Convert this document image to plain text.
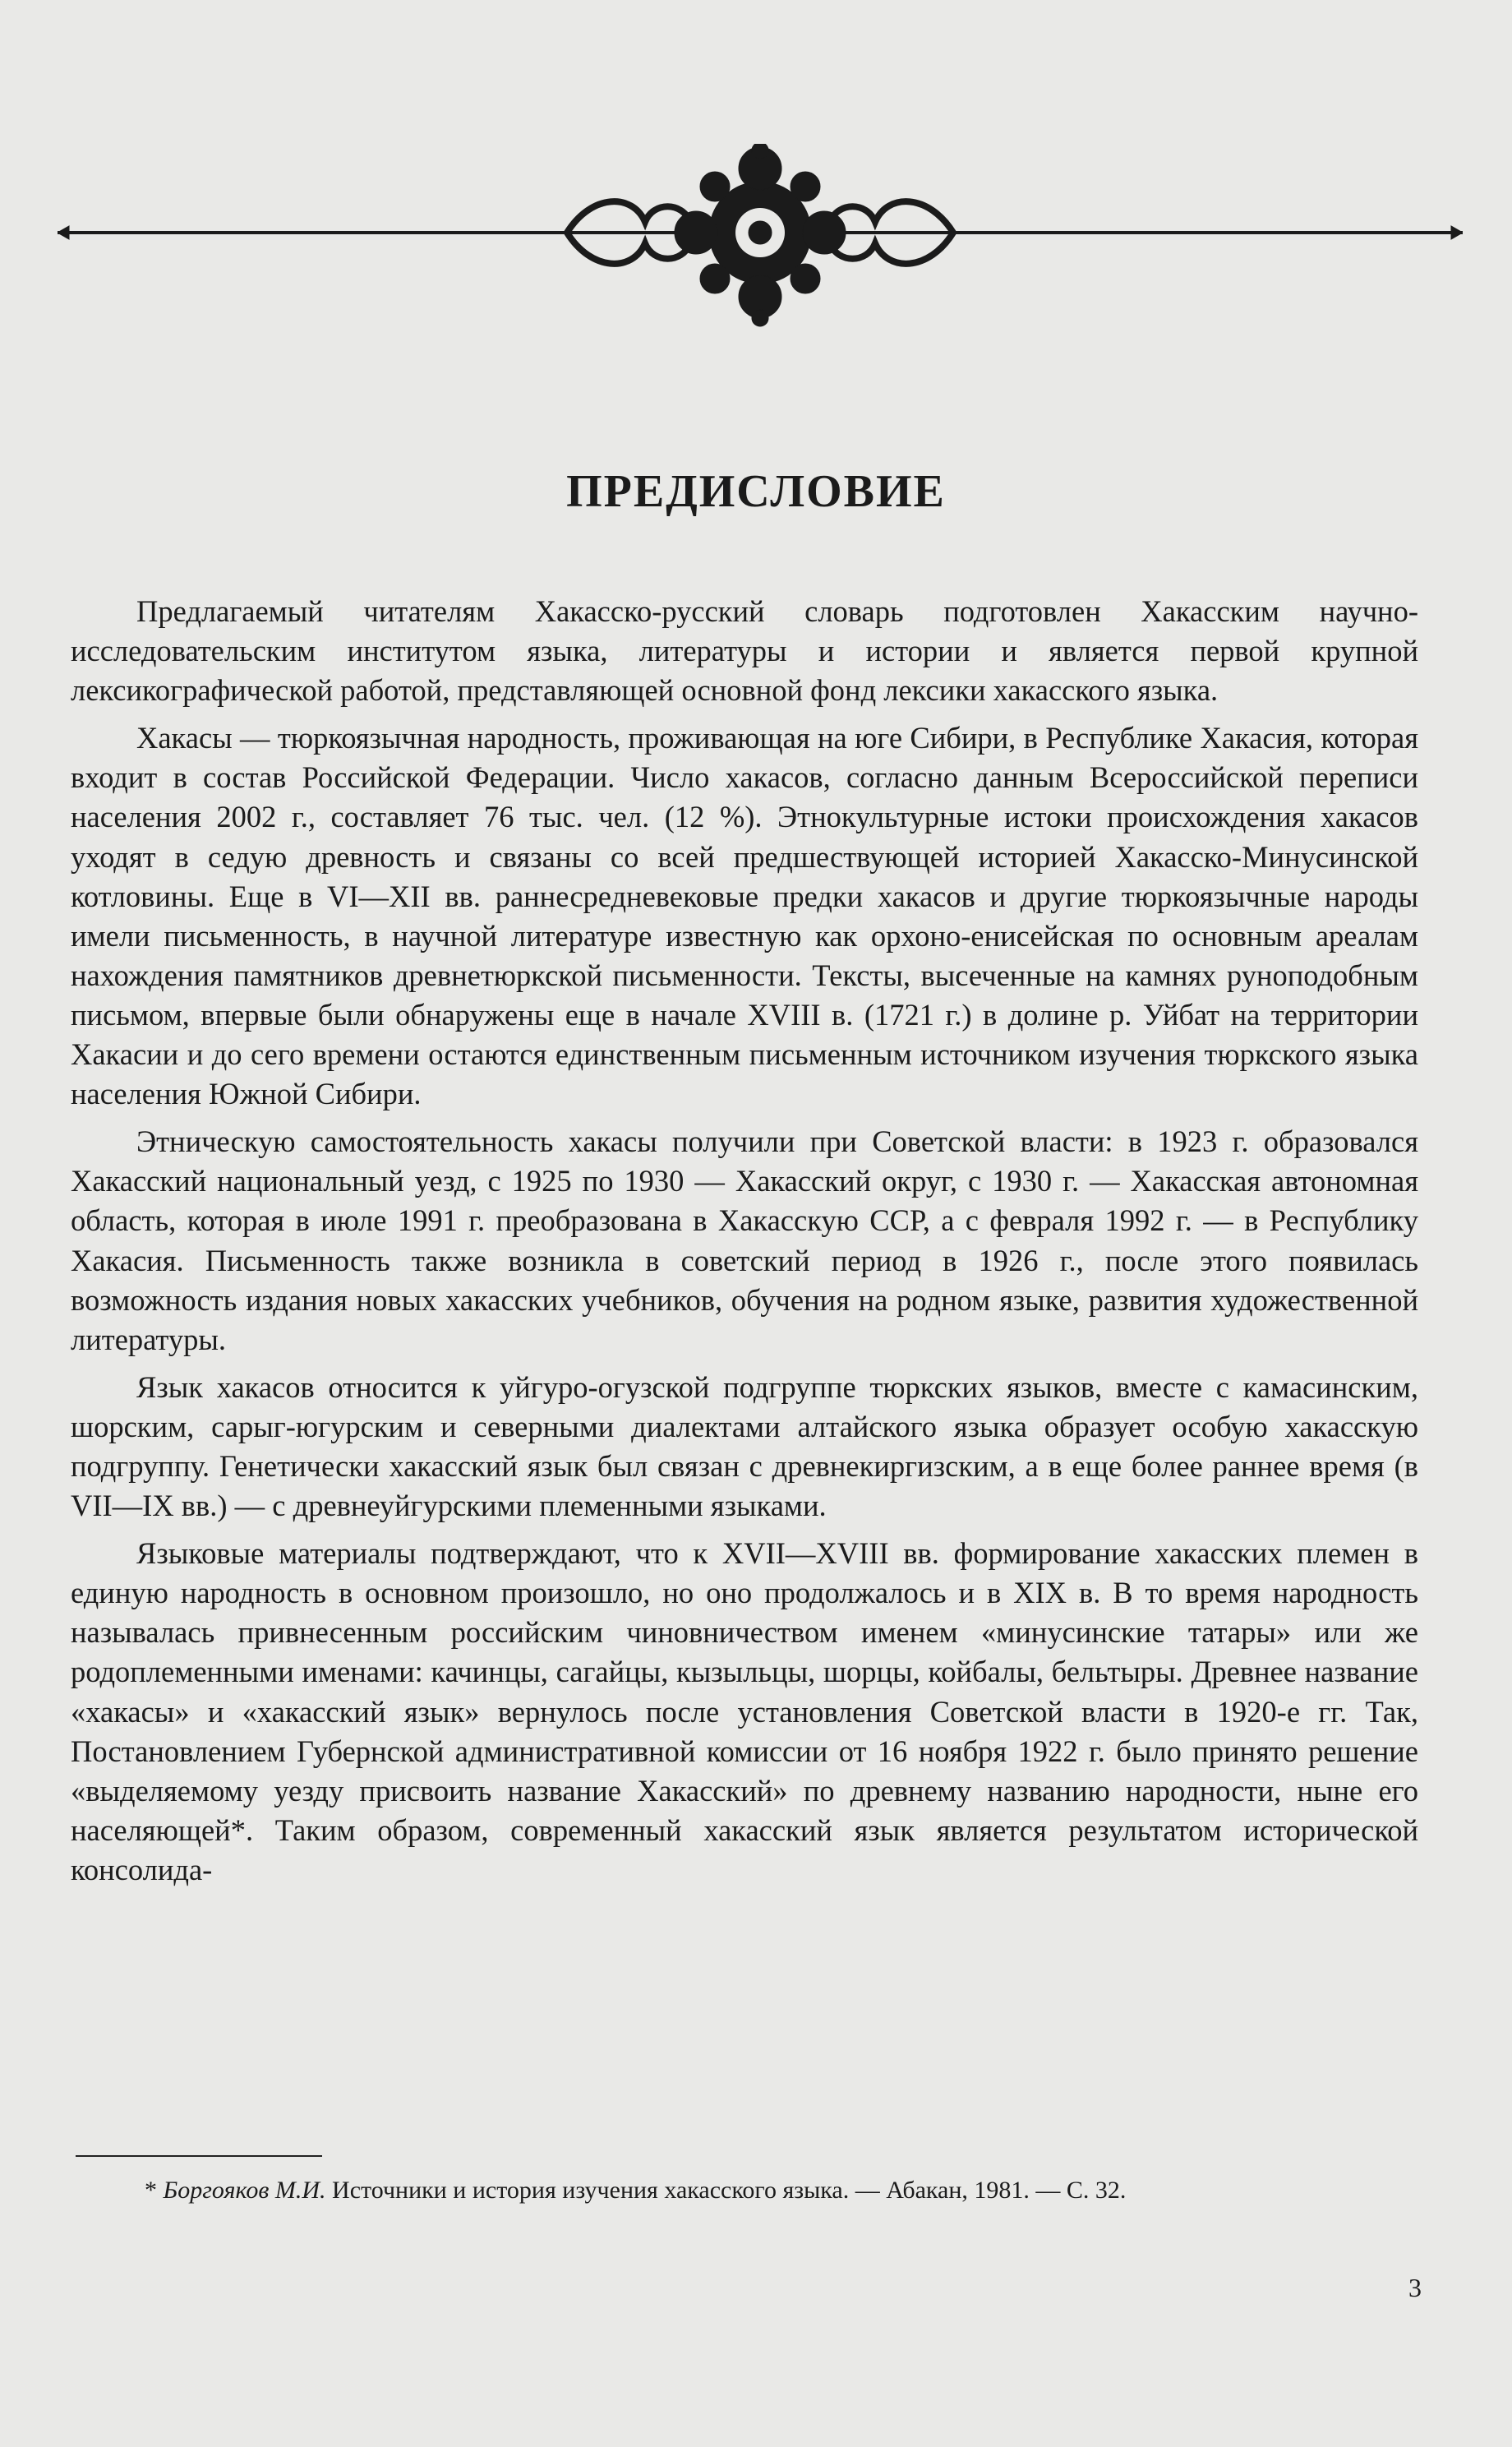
ПРЕДИСЛОВИЕ

Предлагаемый читателям Хакасско-русский словарь подготовлен Хакасским научно-исследовательским институтом языка, литературы и истории и является первой крупной лексикографической работой, представляющей основной фонд лексики хакасского языка.

Хакасы — тюркоязычная народность, проживающая на юге Сибири, в Республике Хакасия, которая входит в состав Российской Федерации. Число хакасов, согласно данным Всероссийской переписи населения 2002 г., составляет 76 тыс. чел. (12 %). Этнокультурные истоки происхождения хакасов уходят в седую древность и связаны со всей предшествующей историей Хакасско-Минусинской котловины. Еще в VI—XII вв. раннесредневековые предки хакасов и другие тюркоязычные народы имели письменность, в научной литературе известную как орхоно-енисейская по основным ареалам нахождения памятников древнетюркской письменности. Тексты, высеченные на камнях руноподобным письмом, впервые были обнаружены еще в начале XVIII в. (1721 г.) в долине р. Уйбат на территории Хакасии и до сего времени остаются единственным письменным источником изучения тюркского языка населения Южной Сибири.

Этническую самостоятельность хакасы получили при Советской власти: в 1923 г. образовался Хакасский национальный уезд, с 1925 по 1930 — Хакасский округ, с 1930 г. — Хакасская автономная область, которая в июле 1991 г. преобразована в Хакасскую ССР, а с февраля 1992 г. — в Республику Хакасия. Письменность также возникла в советский период в 1926 г., после этого появилась возможность издания новых хакасских учебников, обучения на родном языке, развития художественной литературы.

Язык хакасов относится к уйгуро-огузской подгруппе тюркских языков, вместе с камасинским, шорским, сарыг-югурским и северными диалектами алтайского языка образует особую хакасскую подгруппу. Генетически хакасский язык был связан с древнекиргизским, а в еще более раннее время (в VII—IX вв.) — с древнеуйгурскими племенными языками.

Языковые материалы подтверждают, что к XVII—XVIII вв. формирование хакасских племен в единую народность в основном произошло, но оно продолжалось и в XIX в. В то время народность называлась привнесенным российским чиновничеством именем «минусинские татары» или же родоплеменными именами: качинцы, сагайцы, кызыльцы, шорцы, койбалы, бельтыры. Древнее название «хакасы» и «хакасский язык» вернулось после установления Советской власти в 1920-е гг. Так, Постановлением Губернской административной комиссии от 16 ноября 1922 г. было принято решение «выделяемому уезду присвоить название Хакасский» по древнему названию народности, ныне его населяющей*. Таким образом, современный хакасский язык является результатом исторической консолида-

* Боргояков М.И. Источники и история изучения хакасского языка. — Абакан, 1981. — С. 32.

3
